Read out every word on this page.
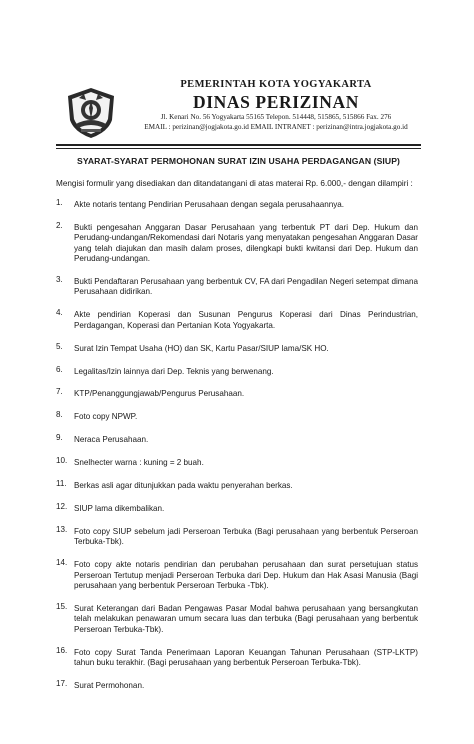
PEMERINTAH KOTA YOGYAKARTA
DINAS PERIZINAN
Jl. Kenari No. 56 Yogyakarta 55165 Telepon. 514448, 515865, 515866 Fax. 276
EMAIL : perizinan@jogjakota.go.id EMAIL INTRANET : perizinan@intra.jogjakota.go.id
SYARAT-SYARAT PERMOHONAN SURAT IZIN USAHA PERDAGANGAN (SIUP)
Mengisi formulir yang disediakan dan ditandatangani di atas materai Rp. 6.000,- dengan dilampiri :
1. Akte notaris tentang Pendirian Perusahaan dengan segala perusahaannya.
2. Bukti pengesahan Anggaran Dasar Perusahaan yang terbentuk PT dari Dep. Hukum dan Perudang-undangan/Rekomendasi dari Notaris yang menyatakan pengesahan Anggaran Dasar yang telah diajukan dan masih dalam proses, dilengkapi bukti kwitansi dari Dep. Hukum dan Perudang-undangan.
3. Bukti Pendaftaran Perusahaan yang berbentuk CV, FA dari Pengadilan Negeri setempat dimana Perusahaan didirikan.
4. Akte pendirian Koperasi dan Susunan Pengurus Koperasi dari Dinas Perindustrian, Perdagangan, Koperasi dan Pertanian Kota Yogyakarta.
5. Surat Izin Tempat Usaha (HO) dan SK, Kartu Pasar/SIUP lama/SK HO.
6. Legalitas/Izin lainnya dari Dep. Teknis yang berwenang.
7. KTP/Penanggungjawab/Pengurus Perusahaan.
8. Foto copy NPWP.
9. Neraca Perusahaan.
10. Snelhecter warna : kuning = 2 buah.
11. Berkas asli agar ditunjukkan pada waktu penyerahan berkas.
12. SIUP lama dikembalikan.
13. Foto copy SIUP sebelum jadi Perseroan Terbuka (Bagi perusahaan yang berbentuk Perseroan Terbuka-Tbk).
14. Foto copy akte notaris pendirian dan perubahan perusahaan dan surat persetujuan status Perseroan Tertutup menjadi Perseroan Terbuka dari Dep. Hukum dan Hak Asasi Manusia (Bagi perusahaan yang berbentuk Perseroan Terbuka -Tbk).
15. Surat Keterangan dari Badan Pengawas Pasar Modal bahwa perusahaan yang bersangkutan telah melakukan penawaran umum secara luas dan terbuka (Bagi perusahaan yang berbentuk Perseroan Terbuka-Tbk).
16. Foto copy Surat Tanda Penerimaan Laporan Keuangan Tahunan Perusahaan (STP-LKTP) tahun buku terakhir. (Bagi perusahaan yang berbentuk Perseroan Terbuka-Tbk).
17. Surat Permohonan.
